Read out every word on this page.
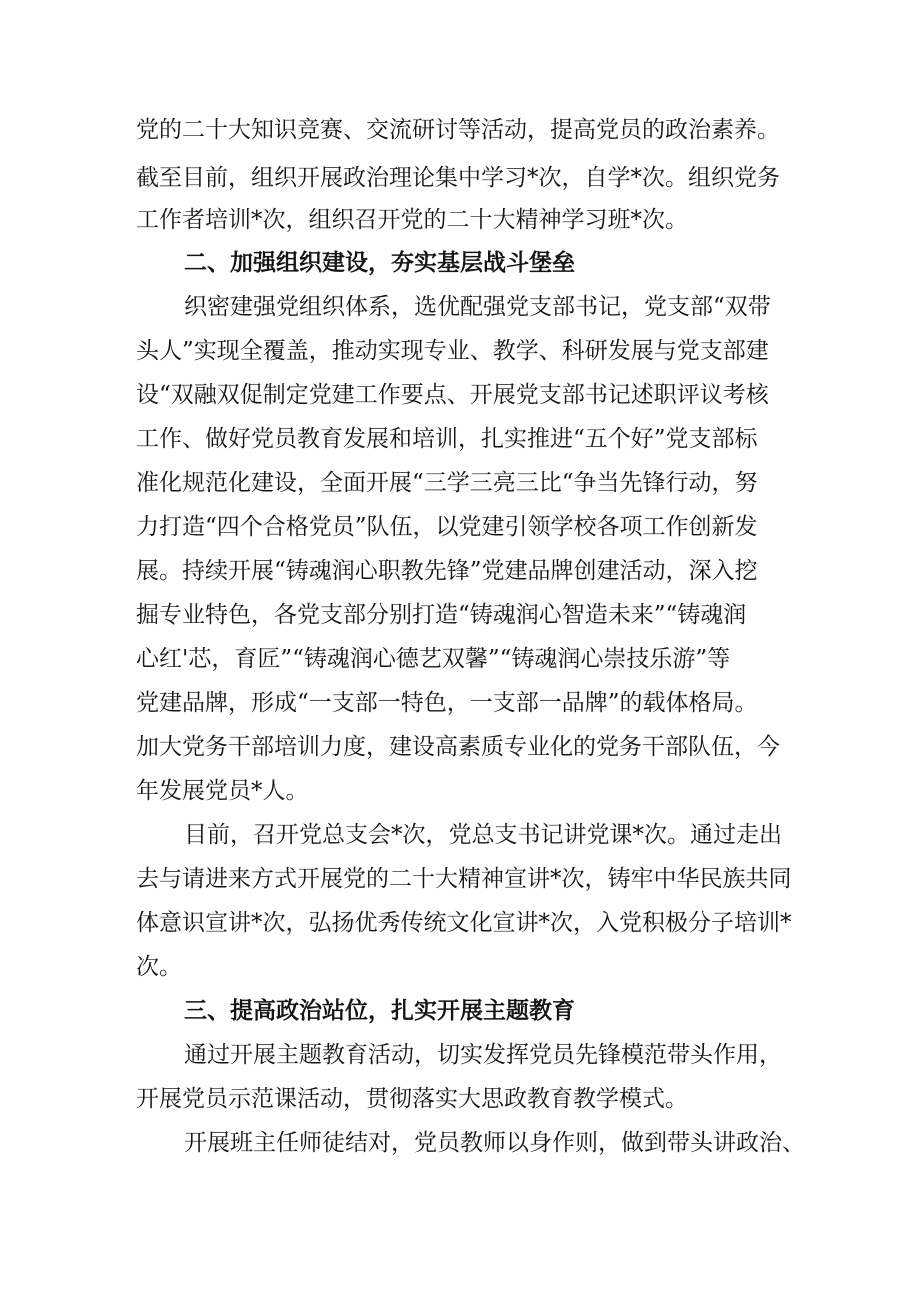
党的二十大知识竞赛、交流研讨等活动，提高党员的政治素养。
截至目前，组织开展政治理论集中学习*次，自学*次。组织党务
工作者培训*次，组织召开党的二十大精神学习班*次。
二、加强组织建设，夯实基层战斗堡垒
织密建强党组织体系，选优配强党支部书记，党支部“双带
头人”实现全覆盖，推动实现专业、教学、科研发展与党支部建
设“双融双促制定党建工作要点、开展党支部书记述职评议考核
工作、做好党员教育发展和培训，扎实推进“五个好”党支部标
准化规范化建设，全面开展“三学三亮三比“争当先锋行动，努
力打造“四个合格党员”队伍，以党建引领学校各项工作创新发
展。持续开展“铸魂润心职教先锋”党建品牌创建活动，深入挖
掘专业特色，各党支部分别打造“铸魂润心智造未来”“铸魂润
心红'芯，育匠”“铸魂润心德艺双馨”“铸魂润心崇技乐游”等
党建品牌，形成“一支部一特色，一支部一品牌”的载体格局。
加大党务干部培训力度，建设高素质专业化的党务干部队伍，今
年发展党员*人。
目前，召开党总支会*次，党总支书记讲党课*次。通过走出
去与请进来方式开展党的二十大精神宣讲*次，铸牢中华民族共同
体意识宣讲*次，弘扬优秀传统文化宣讲*次，入党积极分子培训*
次。
三、提高政治站位，扎实开展主题教育
通过开展主题教育活动，切实发挥党员先锋模范带头作用，
开展党员示范课活动，贯彻落实大思政教育教学模式。
开展班主任师徒结对，党员教师以身作则，做到带头讲政治、
